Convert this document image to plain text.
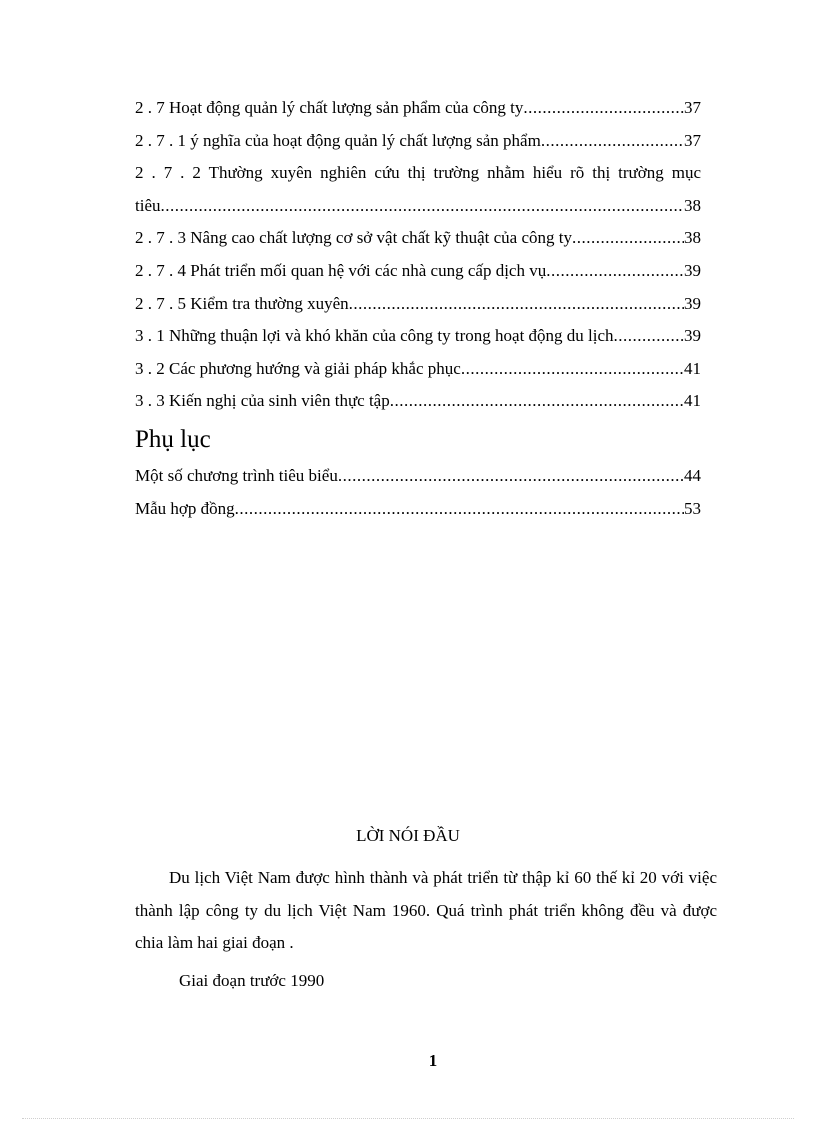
2 . 7 Hoạt động quản lý chất lượng sản phẩm của công ty .....	37
2 . 7 . 1 ý nghĩa của hoạt động quản lý chất lượng sản phẩm .....	37
2 . 7 . 2 Thường xuyên nghiên cứu thị trường nhằm hiểu rõ thị trường mục
tiêu .....	38
2 . 7 . 3 Nâng cao chất lượng cơ sở vật chất kỹ thuật của công ty .....	38
2 . 7 . 4 Phát triển mối quan hệ với các nhà cung cấp dịch vụ .....	39
2 . 7 . 5 Kiểm tra thường xuyên .....	39
3 . 1 Những thuận lợi và khó khăn của công ty trong hoạt động du lịch .....	39
3 . 2 Các phương hướng và giải pháp khắc phục .....	41
3 . 3 Kiến nghị của sinh viên thực tập .....	41
Phụ lục
Một số chương trình tiêu biểu .....	44
Mẫu hợp đồng .....	53
LỜI NÓI ĐẦU

Du lịch Việt Nam được hình thành và phát triển từ thập kỉ 60 thế kỉ 20 với việc thành lập công ty du lịch Việt Nam 1960. Quá trình phát triển không đều và được chia làm hai giai đoạn .

Giai đoạn trước 1990
1
